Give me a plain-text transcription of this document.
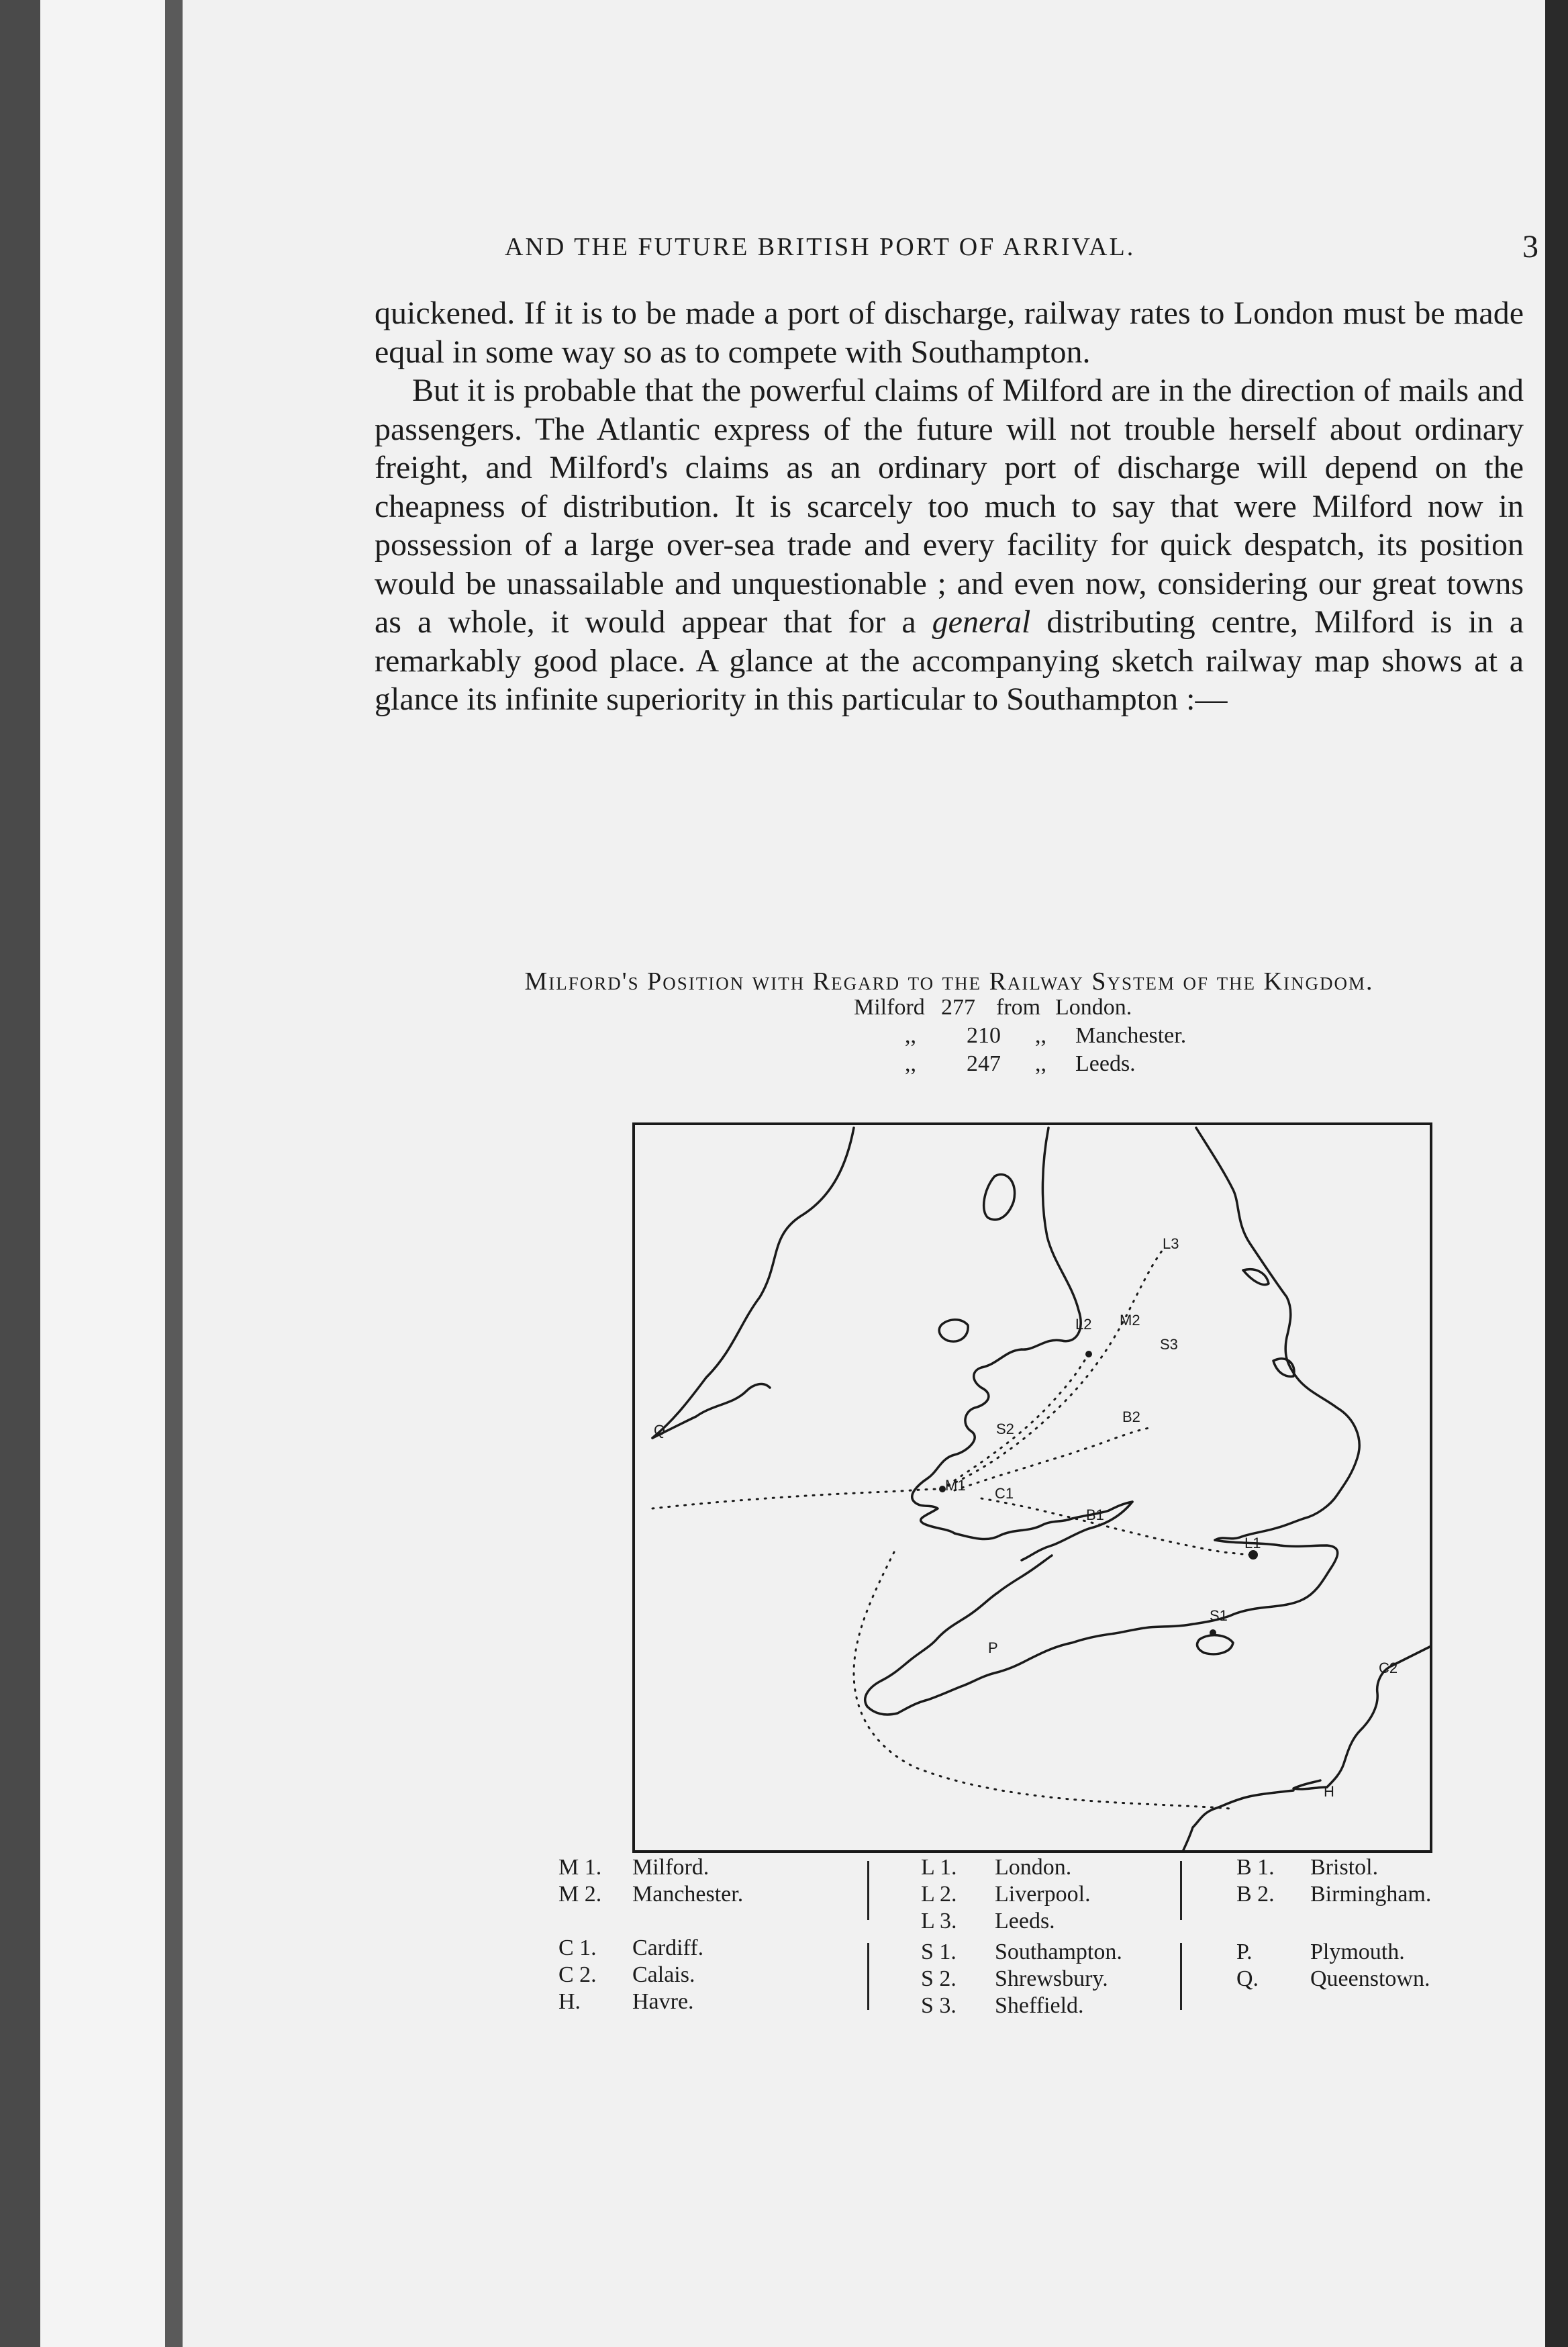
AND THE FUTURE BRITISH PORT OF ARRIVAL.	3

quickened. If it is to be made a port of discharge, railway rates to London must be made equal in some way so as to compete with Southampton.

But it is probable that the powerful claims of Milford are in the direction of mails and passengers. The Atlantic express of the future will not trouble herself about ordinary freight, and Milford's claims as an ordinary port of discharge will depend on the cheapness of distribution. It is scarcely too much to say that were Milford now in possession of a large over-sea trade and every facility for quick despatch, its position would be unassailable and unquestionable ; and even now, considering our great towns as a whole, it would appear that for a general distributing centre, Milford is in a remarkably good place. A glance at the accompanying sketch railway map shows at a glance its infinite superiority in this particular to Southampton :—

Milford's Position with Regard to the Railway System of the Kingdom.
Milford 277 from London.
,, 210 ,, Manchester.
,, 247 ,, Leeds.
L3
L2 M2
S3
B2
S2
M1 C1
B1
L1
S1
P
Q
C2
H
M 1. Milford.
M 2. Manchester.
C 1. Cardiff.
C 2. Calais.
H. Havre.
L 1. London.
L 2. Liverpool.
L 3. Leeds.
S 1. Southampton.
S 2. Shrewsbury.
S 3. Sheffield.
B 1. Bristol.
B 2. Birmingham.
P.	Plymouth.
Q. Queenstown.
